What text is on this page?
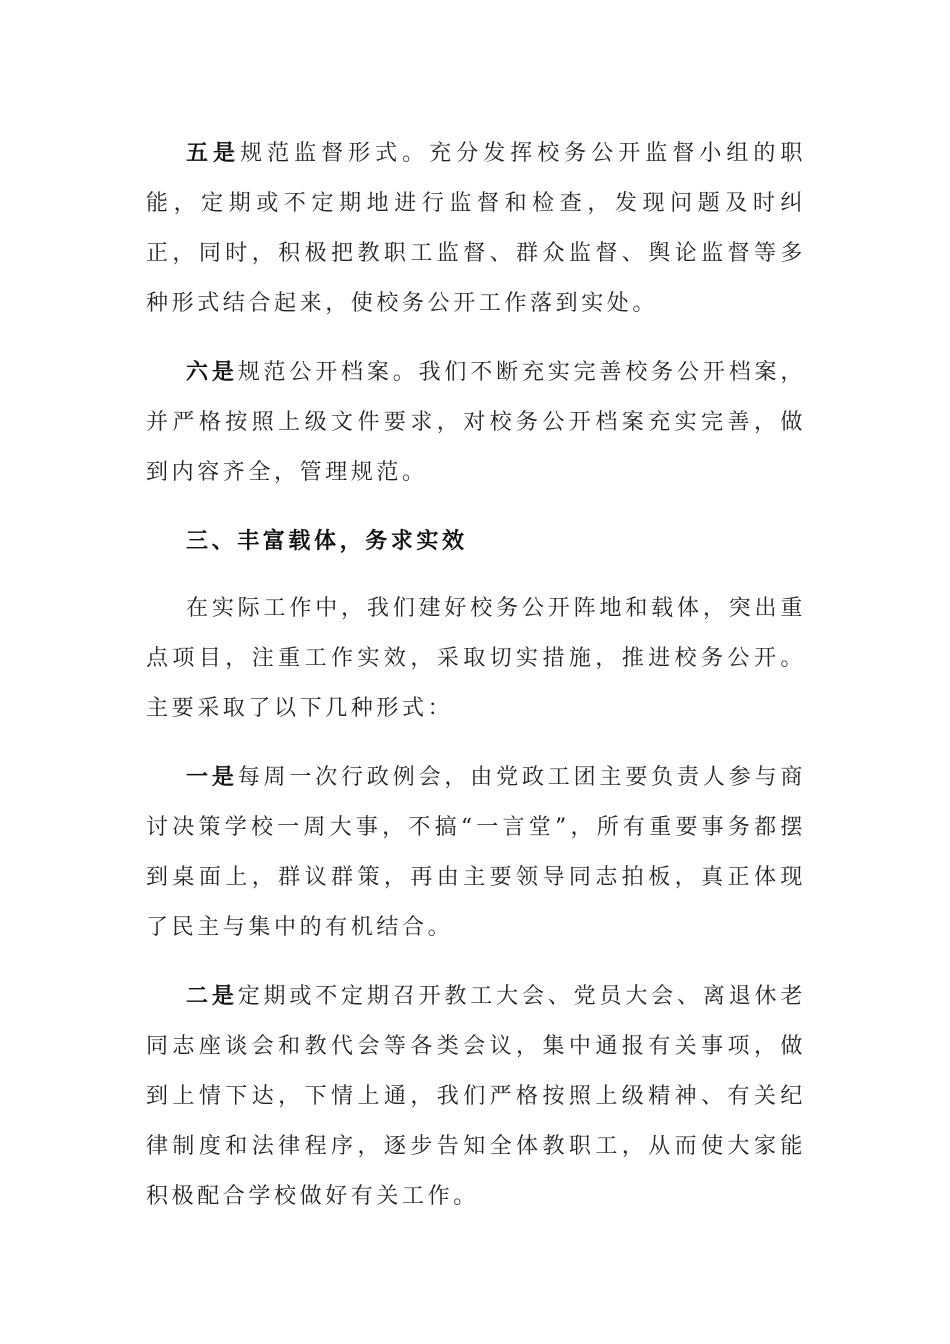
五是规范监督形式。充分发挥校务公开监督小组的职能，定期或不定期地进行监督和检查，发现问题及时纠正，同时，积极把教职工监督、群众监督、舆论监督等多种形式结合起来，使校务公开工作落到实处。

六是规范公开档案。我们不断充实完善校务公开档案，并严格按照上级文件要求，对校务公开档案充实完善，做到内容齐全，管理规范。

三、丰富载体，务求实效

在实际工作中，我们建好校务公开阵地和载体，突出重点项目，注重工作实效，采取切实措施，推进校务公开。主要采取了以下几种形式：

一是每周一次行政例会，由党政工团主要负责人参与商讨决策学校一周大事，不搞“一言堂”，所有重要事务都摆到桌面上，群议群策，再由主要领导同志拍板，真正体现了民主与集中的有机结合。

二是定期或不定期召开教工大会、党员大会、离退休老同志座谈会和教代会等各类会议，集中通报有关事项，做到上情下达，下情上通，我们严格按照上级精神、有关纪律制度和法律程序，逐步告知全体教职工，从而使大家能积极配合学校做好有关工作。
